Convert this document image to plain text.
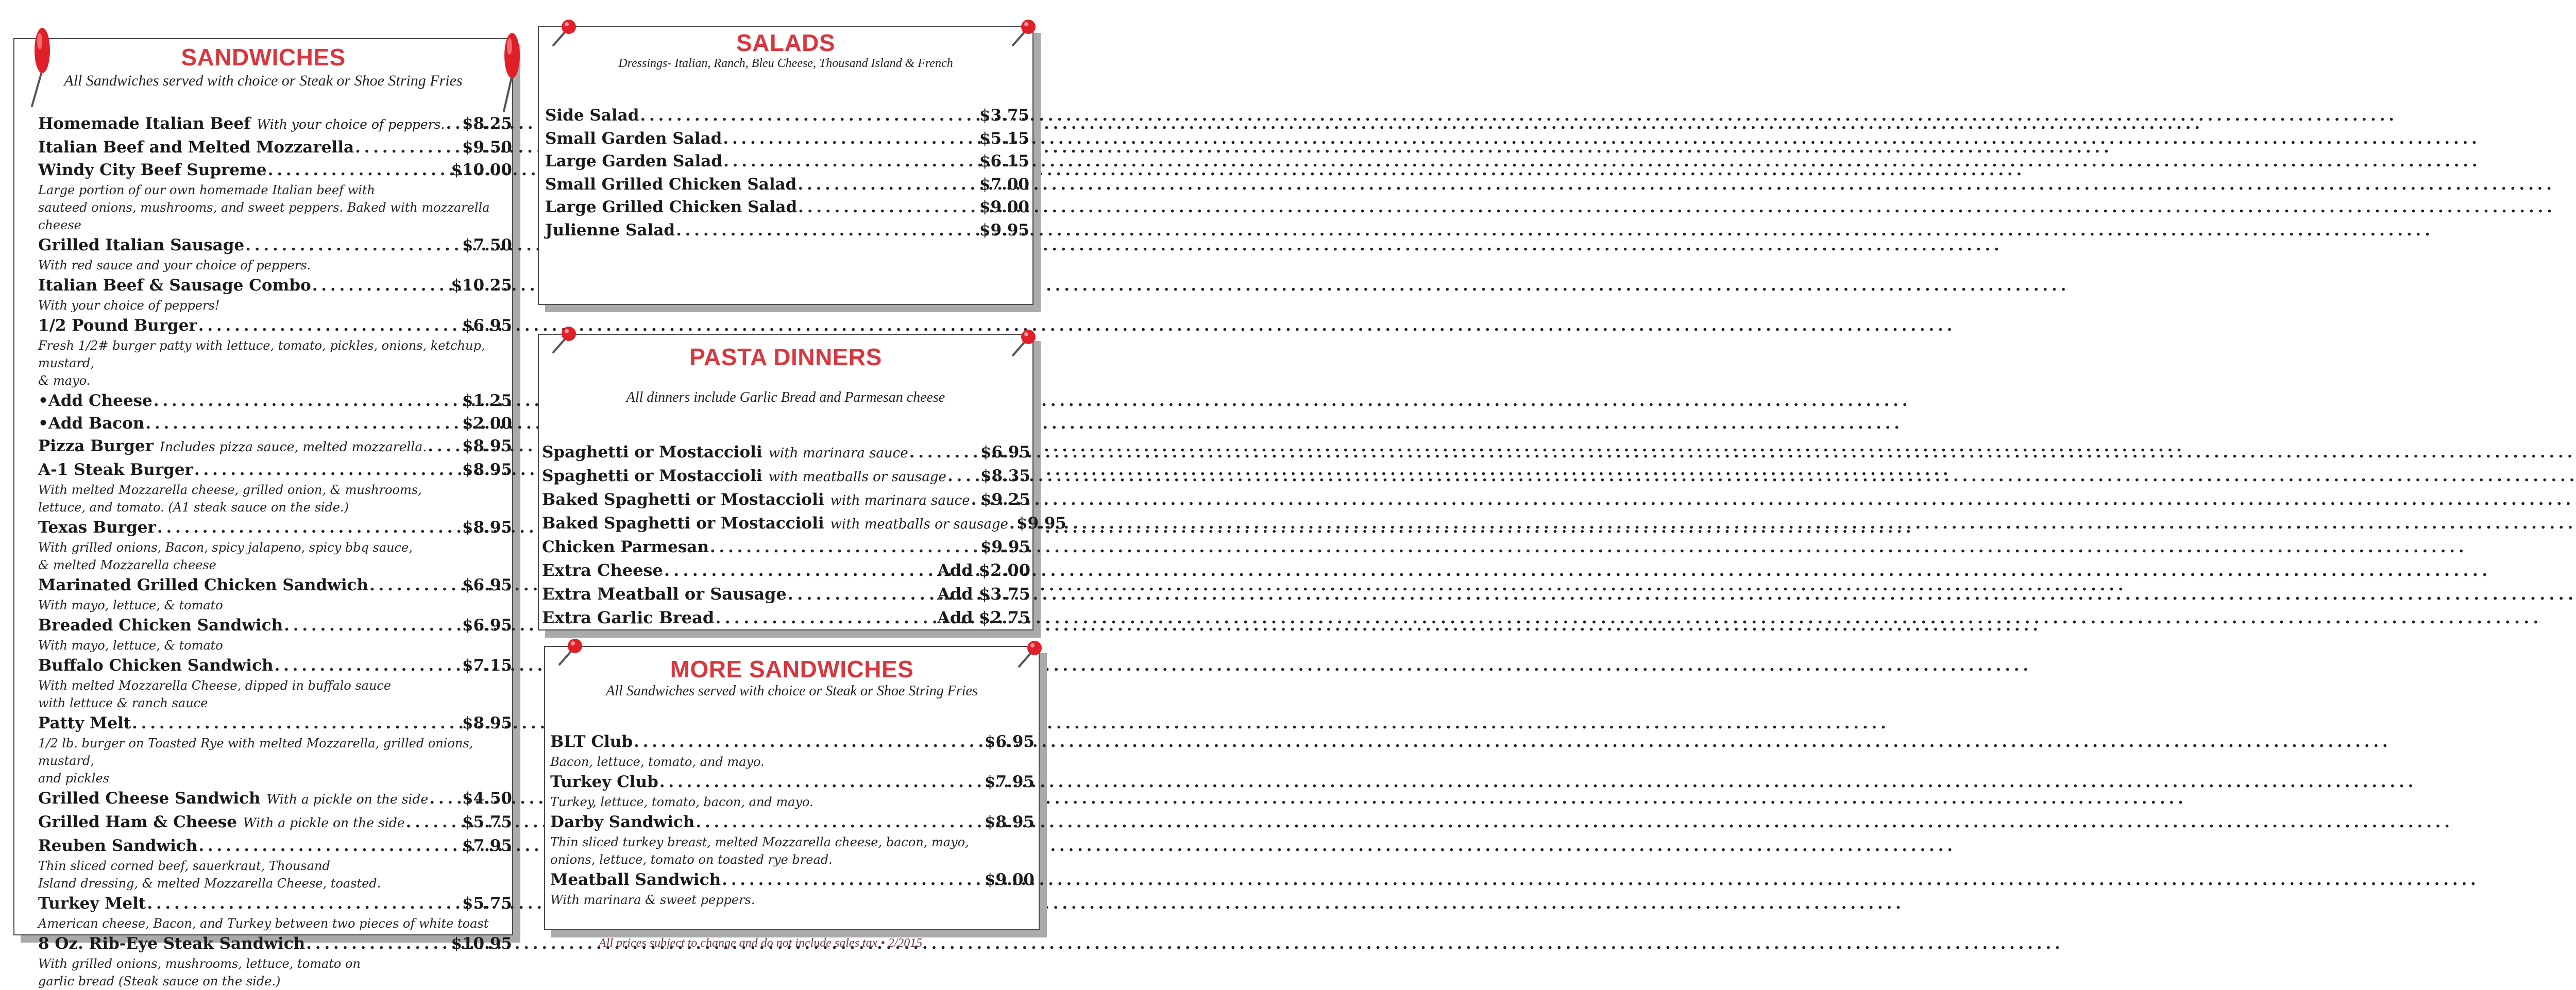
SANDWICHES
All Sandwiches served with choice or Steak or Shoe String Fries
Homemade Italian Beef With your choice of peppers. . . . $8.25
Italian Beef and Melted Mozzarella . . .	$9.50
Windy City Beef Supreme . . .	$10.00
Large portion of our own homemade Italian beef with
sauteed onions, mushrooms, and sweet peppers. Baked with mozzarella cheese
Grilled Italian Sausage . . .	$7.50
With red sauce and your choice of peppers.
Italian Beef & Sausage Combo . . .	$10.25
With your choice of peppers!
1/2 Pound Burger . . .	$6.95
Fresh 1/2# burger patty with lettuce, tomato, pickles, onions, ketchup, mustard,
& mayo.
•Add Cheese . . .	$1.25
•Add Bacon . . .	$2.00
Pizza Burger Includes pizza sauce, melted mozzarella. . . . $8.95
A-1 Steak Burger . . .	$8.95
With melted Mozzarella cheese, grilled onion, & mushrooms,
lettuce, and tomato. (A1 steak sauce on the side.)
Texas Burger . . .	$8.95
With grilled onions, Bacon, spicy jalapeno, spicy bbq sauce,
& melted Mozzarella cheese
Marinated Grilled Chicken Sandwich . . .	$6.95
With mayo, lettuce, & tomato
Breaded Chicken Sandwich . . .	$6.95
With mayo, lettuce, & tomato
Buffalo Chicken Sandwich . . .	$7.15
With melted Mozzarella Cheese, dipped in buffalo sauce
with lettuce & ranch sauce
Patty Melt . . .	$8.95
1/2 lb. burger on Toasted Rye with melted Mozzarella, grilled onions, mustard,
and pickles
Grilled Cheese Sandwich With a pickle on the side . . . $4.50
Grilled Ham & Cheese With a pickle on the side . . .	$5.75
Reuben Sandwich . . .	$7.95
Thin sliced corned beef, sauerkraut, Thousand
Island dressing, & melted Mozzarella Cheese, toasted.
Turkey Melt . . .	$5.75
American cheese, Bacon, and Turkey between two pieces of white toast
8 Oz. Rib-Eye Steak Sandwich . . .	$10.95
With grilled onions, mushrooms, lettuce, tomato on
garlic bread (Steak sauce on the side.)
SALADS
Dressings- Italian, Ranch, Bleu Cheese, Thousand Island & French
Side Salad . . .	$3.75
Small Garden Salad . . .	$5.15
Large Garden Salad . . .	$6.15
Small Grilled Chicken Salad . . .	$7.00
Large Grilled Chicken Salad . . .	$9.00
Julienne Salad . . .	$9.95
PASTA DINNERS
All dinners include Garlic Bread and Parmesan cheese
Spaghetti or Mostaccioli with marinara sauce . . .	$6.95
Spaghetti or Mostaccioli with meatballs or sausage . . . $8.35
Baked Spaghetti or Mostaccioli with marinara sauce . . . $9.25
Baked Spaghetti or Mostaccioli with meatballs or sausage . . . $9.95
Chicken Parmesan . . .	$9.95
Extra Cheese . . .	Add $2.00
Extra Meatball or Sausage . . .	Add $3.75
Extra Garlic Bread . . .	Add $2.75
MORE SANDWICHES
All Sandwiches served with choice or Steak or Shoe String Fries
BLT Club . . .	$6.95
Bacon, lettuce, tomato, and mayo.
Turkey Club . . .	$7.95
Turkey, lettuce, tomato, bacon, and mayo.
Darby Sandwich . . .	$8.95
Thin sliced turkey breast, melted Mozzarella cheese, bacon, mayo,
onions, lettuce, tomato on toasted rye bread.
Meatball Sandwich . . .	$9.00
With marinara & sweet peppers.
All prices subject to change and do not include sales tax • 2/2015
